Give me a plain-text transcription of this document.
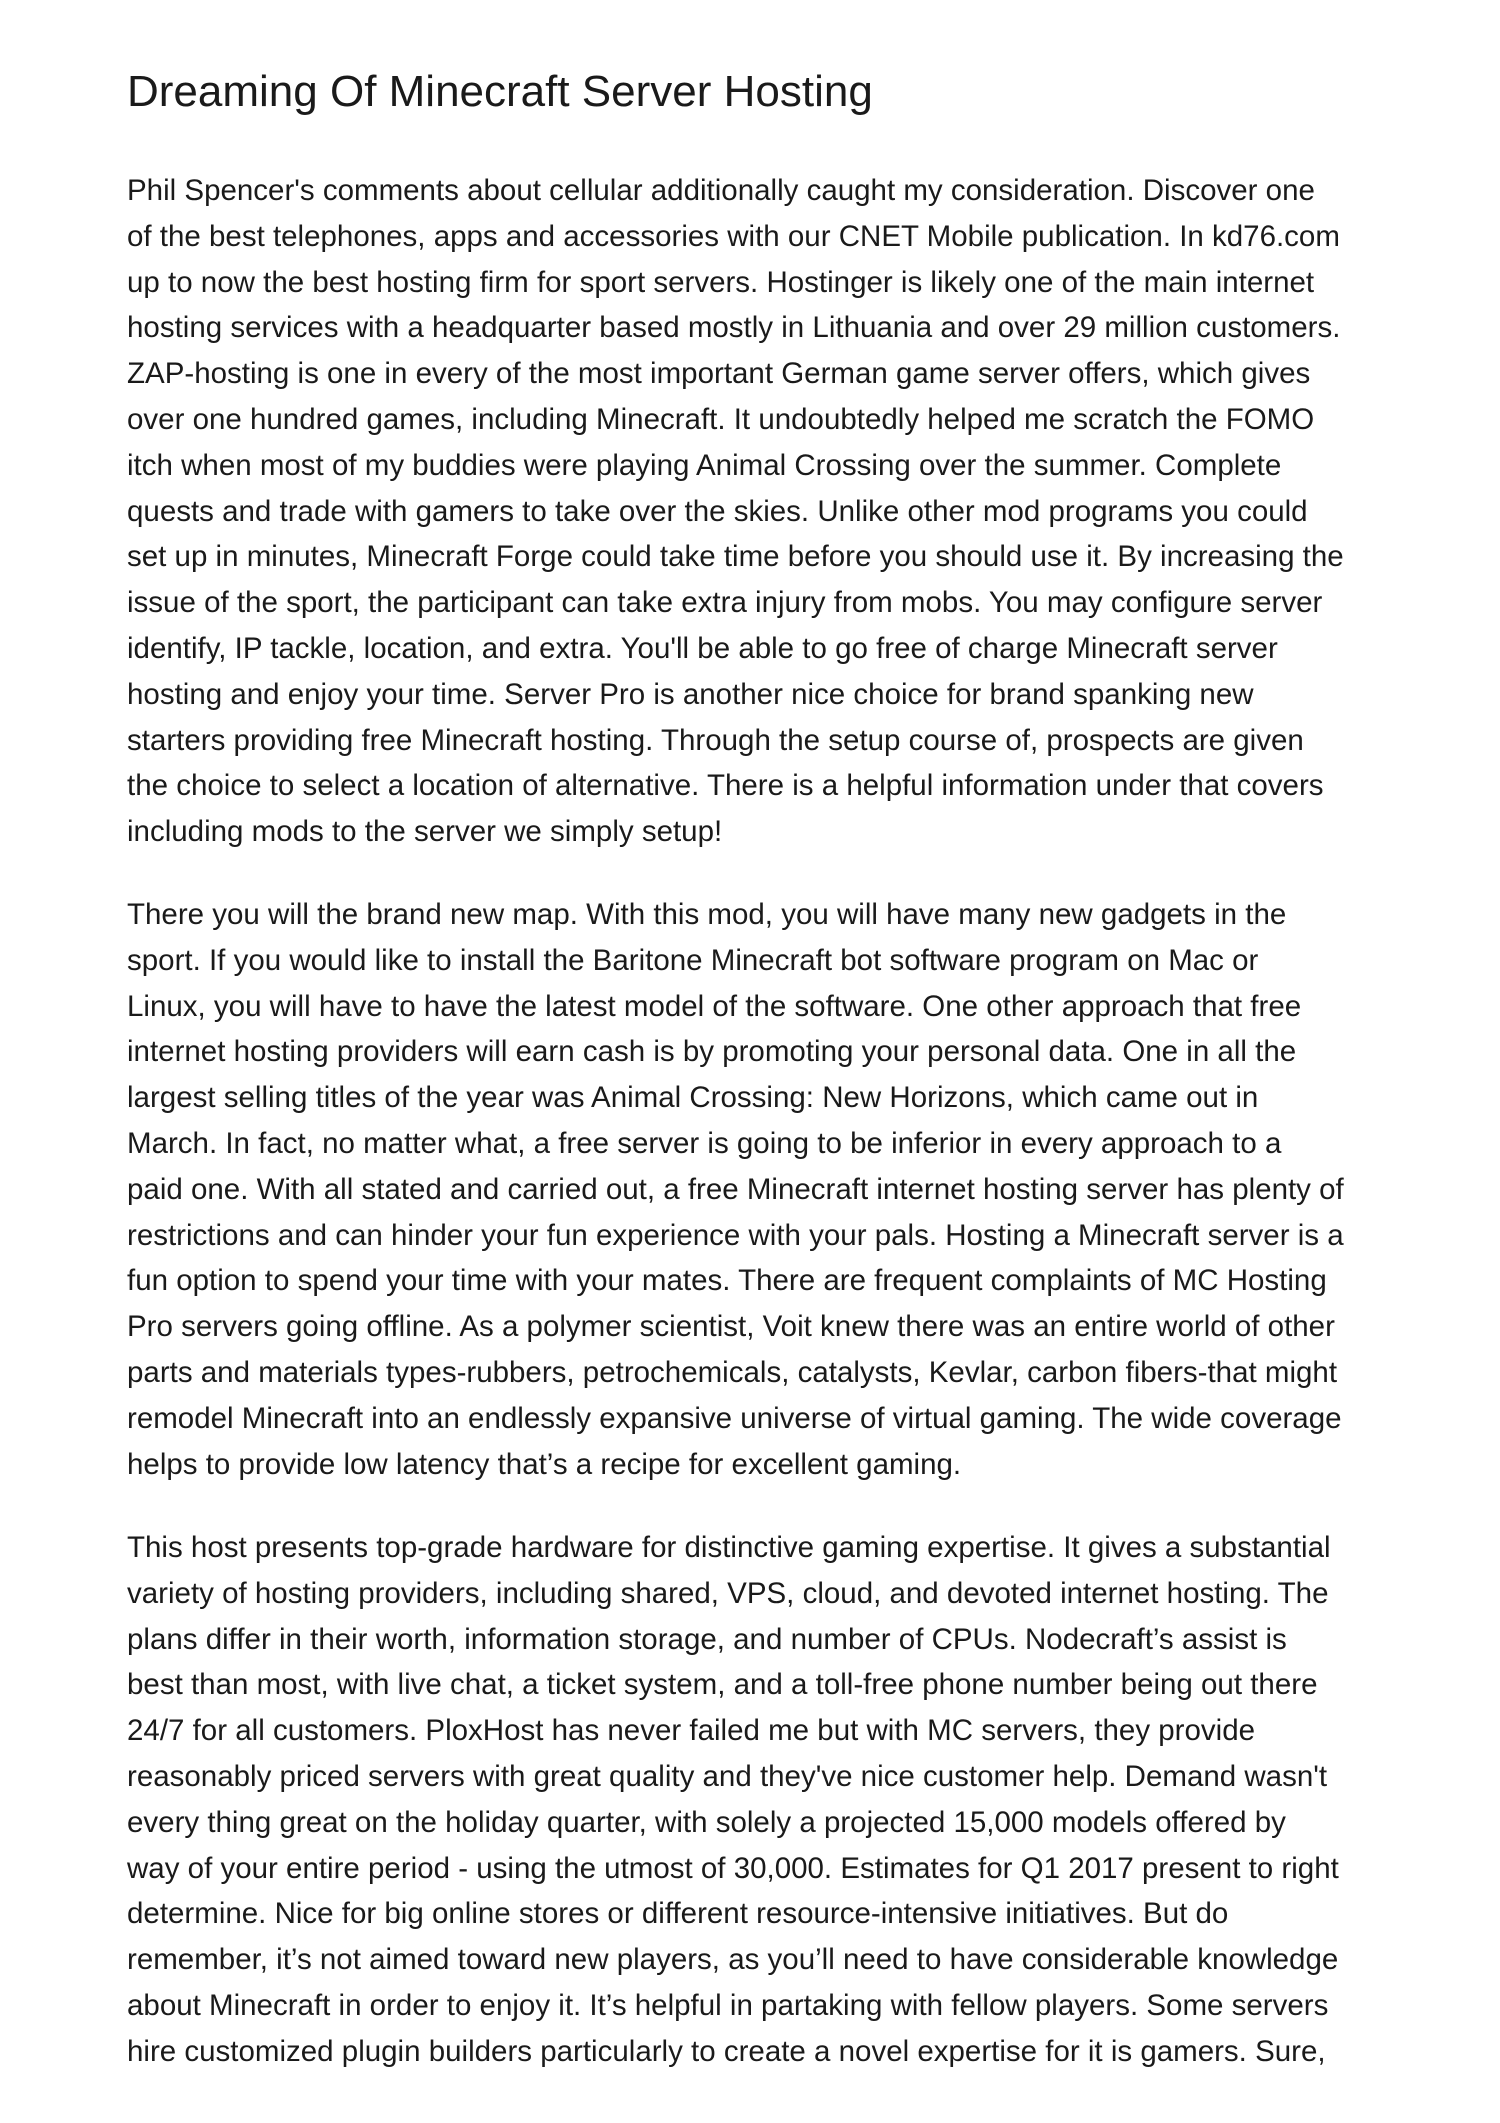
Dreaming Of Minecraft Server Hosting
Phil Spencer's comments about cellular additionally caught my consideration. Discover one
of the best telephones, apps and accessories with our CNET Mobile publication. In kd76.com
up to now the best hosting firm for sport servers. Hostinger is likely one of the main internet
hosting services with a headquarter based mostly in Lithuania and over 29 million customers.
ZAP-hosting is one in every of the most important German game server offers, which gives
over one hundred games, including Minecraft. It undoubtedly helped me scratch the FOMO
itch when most of my buddies were playing Animal Crossing over the summer. Complete
quests and trade with gamers to take over the skies. Unlike other mod programs you could
set up in minutes, Minecraft Forge could take time before you should use it. By increasing the
issue of the sport, the participant can take extra injury from mobs. You may configure server
identify, IP tackle, location, and extra. You'll be able to go free of charge Minecraft server
hosting and enjoy your time. Server Pro is another nice choice for brand spanking new
starters providing free Minecraft hosting. Through the setup course of, prospects are given
the choice to select a location of alternative. There is a helpful information under that covers
including mods to the server we simply setup!
There you will the brand new map. With this mod, you will have many new gadgets in the
sport. If you would like to install the Baritone Minecraft bot software program on Mac or
Linux, you will have to have the latest model of the software. One other approach that free
internet hosting providers will earn cash is by promoting your personal data. One in all the
largest selling titles of the year was Animal Crossing: New Horizons, which came out in
March. In fact, no matter what, a free server is going to be inferior in every approach to a
paid one. With all stated and carried out, a free Minecraft internet hosting server has plenty of
restrictions and can hinder your fun experience with your pals. Hosting a Minecraft server is a
fun option to spend your time with your mates. There are frequent complaints of MC Hosting
Pro servers going offline. As a polymer scientist, Voit knew there was an entire world of other
parts and materials types-rubbers, petrochemicals, catalysts, Kevlar, carbon fibers-that might
remodel Minecraft into an endlessly expansive universe of virtual gaming. The wide coverage
helps to provide low latency that’s a recipe for excellent gaming.
This host presents top-grade hardware for distinctive gaming expertise. It gives a substantial
variety of hosting providers, including shared, VPS, cloud, and devoted internet hosting. The
plans differ in their worth, information storage, and number of CPUs. Nodecraft’s assist is
best than most, with live chat, a ticket system, and a toll-free phone number being out there
24/7 for all customers. PloxHost has never failed me but with MC servers, they provide
reasonably priced servers with great quality and they've nice customer help. Demand wasn't
every thing great on the holiday quarter, with solely a projected 15,000 models offered by
way of your entire period - using the utmost of 30,000. Estimates for Q1 2017 present to right
determine. Nice for big online stores or different resource-intensive initiatives. But do
remember, it’s not aimed toward new players, as you’ll need to have considerable knowledge
about Minecraft in order to enjoy it. It’s helpful in partaking with fellow players. Some servers
hire customized plugin builders particularly to create a novel expertise for it is gamers. Sure,
